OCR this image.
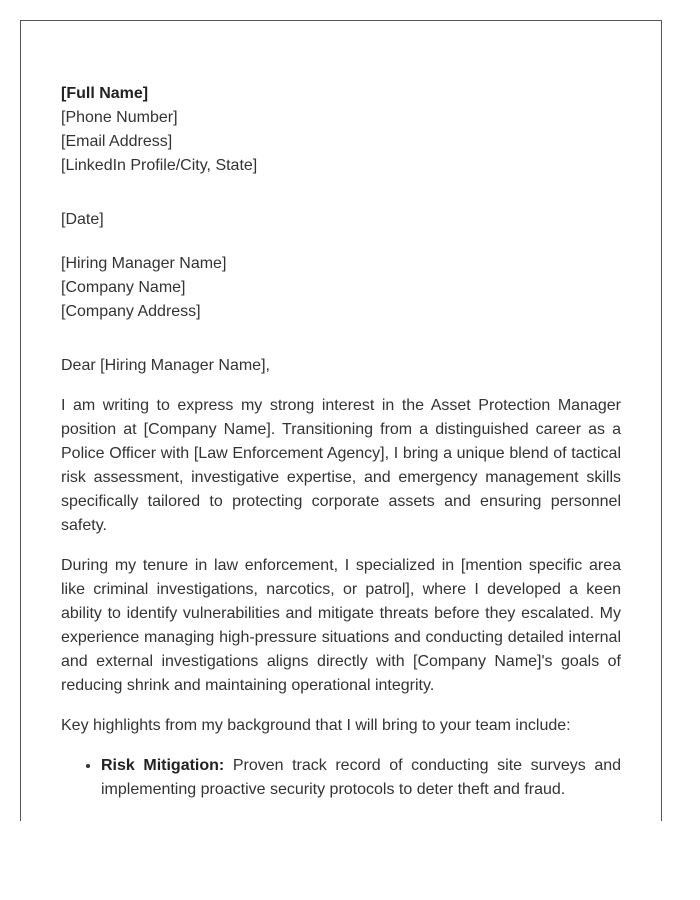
[Full Name]
[Phone Number]
[Email Address]
[LinkedIn Profile/City, State]
[Date]
[Hiring Manager Name]
[Company Name]
[Company Address]
Dear [Hiring Manager Name],

I am writing to express my strong interest in the Asset Protection Manager position at [Company Name]. Transitioning from a distinguished career as a Police Officer with [Law Enforcement Agency], I bring a unique blend of tactical risk assessment, investigative expertise, and emergency management skills specifically tailored to protecting corporate assets and ensuring personnel safety.

During my tenure in law enforcement, I specialized in [mention specific area like criminal investigations, narcotics, or patrol], where I developed a keen ability to identify vulnerabilities and mitigate threats before they escalated. My experience managing high-pressure situations and conducting detailed internal and external investigations aligns directly with [Company Name]'s goals of reducing shrink and maintaining operational integrity.

Key highlights from my background that I will bring to your team include:

• Risk Mitigation: Proven track record of conducting site surveys and implementing proactive security protocols to deter theft and fraud.
